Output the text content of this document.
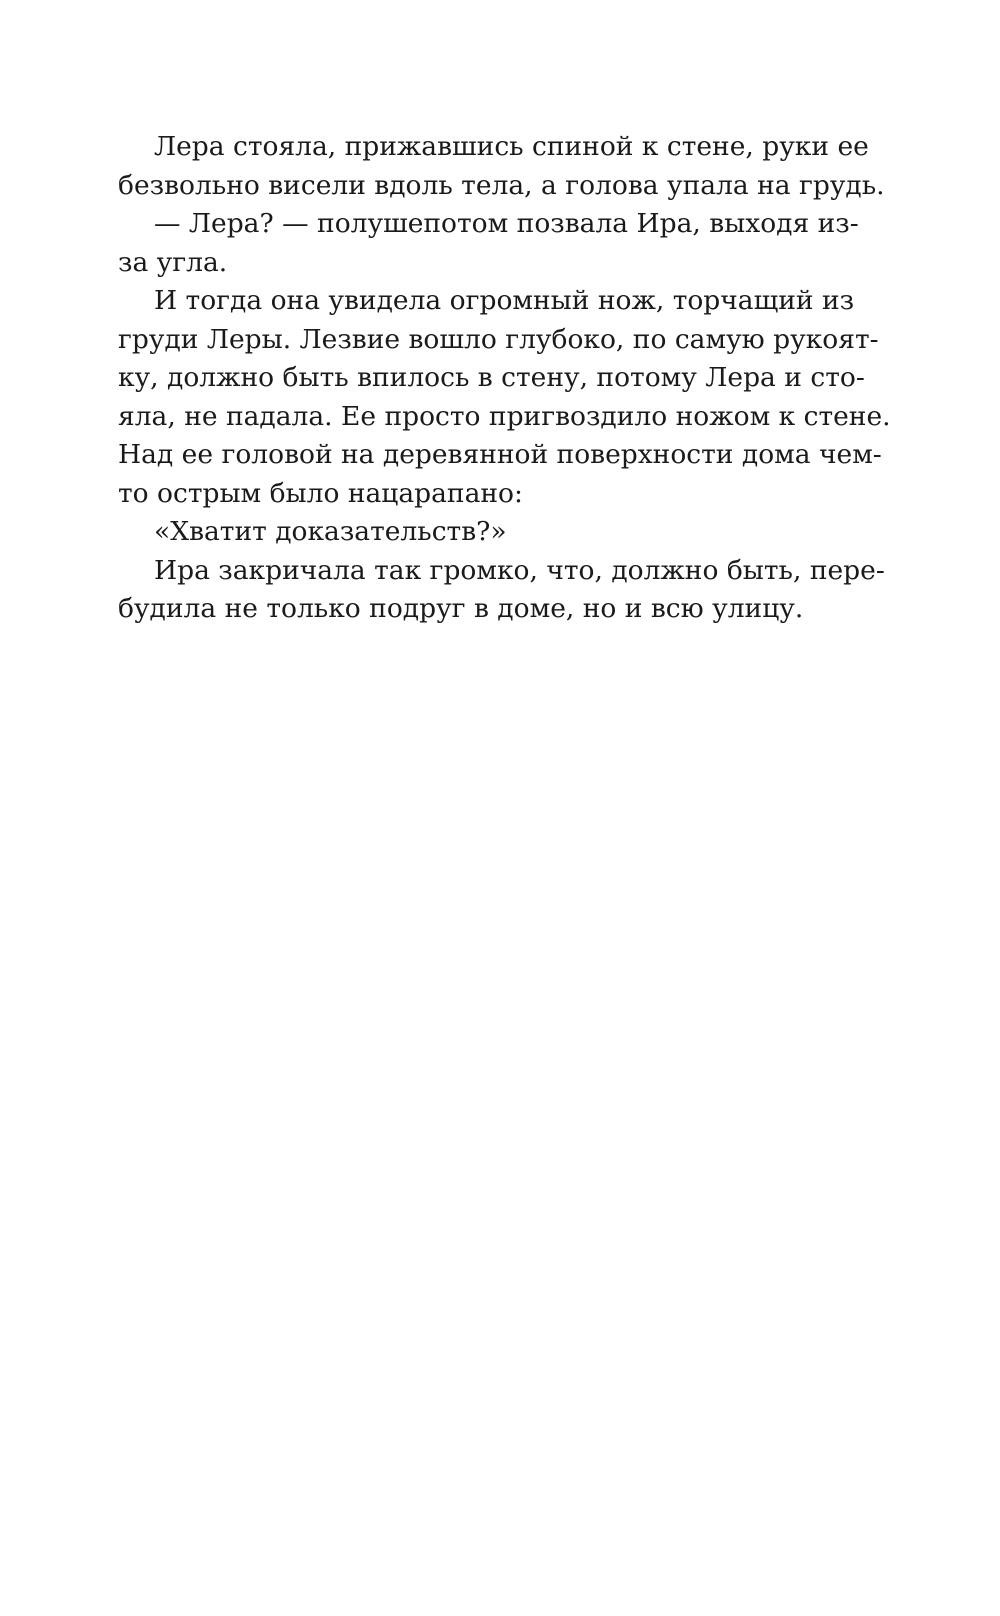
Лера стояла, прижавшись спиной к стене, руки ее
безвольно висели вдоль тела, а голова упала на грудь.
— Лера? — полушепотом позвала Ира, выходя из-
за угла.
И тогда она увидела огромный нож, торчащий из
груди Леры. Лезвие вошло глубоко, по самую рукоят-
ку, должно быть впилось в стену, потому Лера и сто-
яла, не падала. Ее просто пригвоздило ножом к стене.
Над ее головой на деревянной поверхности дома чем-
то острым было нацарапано:
«Хватит доказательств?»
Ира закричала так громко, что, должно быть, пере-
будила не только подруг в доме, но и всю улицу.
